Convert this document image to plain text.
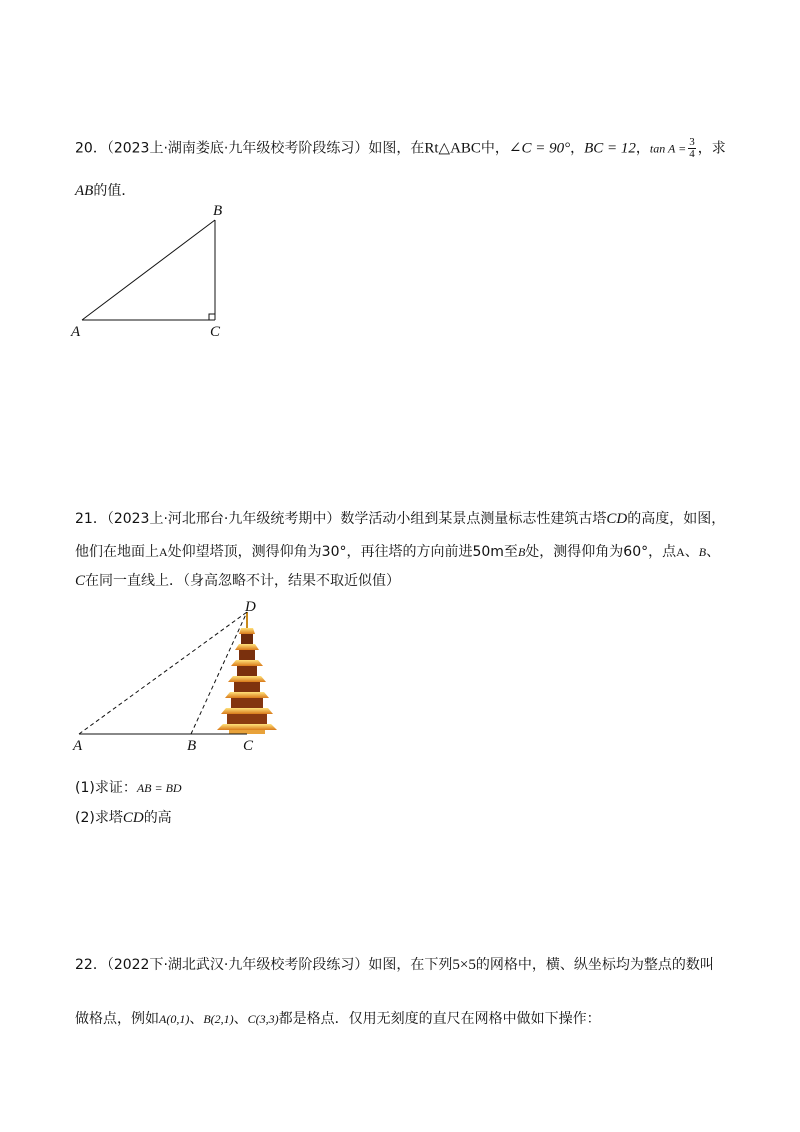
20．（2023上·湖南娄底·九年级校考阶段练习）如图，在Rt△ABC中，∠C = 90°，BC = 12，$\tan A = \frac{3}{4}$ ，求
AB的值．
B
A	C
21．（2023上·河北邢台·九年级统考期中）数学活动小组到某景点测量标志性建筑古塔CD的高度，如图，
他们在地面上A处仰望塔顶，测得仰角为30°，再往塔的方向前进50m至B处，测得仰角为60°，点A、B、
C在同一直线上．（身高忽略不计，结果不取近似值）
D
A	B	C
(1)求证：AB = BD
(2)求塔CD的高
22．（2022下·湖北武汉·九年级校考阶段练习）如图，在下列5×5的网格中，横、纵坐标均为整点的数叫
做格点，例如A(0,1)、B(2,1)、C(3,3)都是格点．仅用无刻度的直尺在网格中做如下操作：
